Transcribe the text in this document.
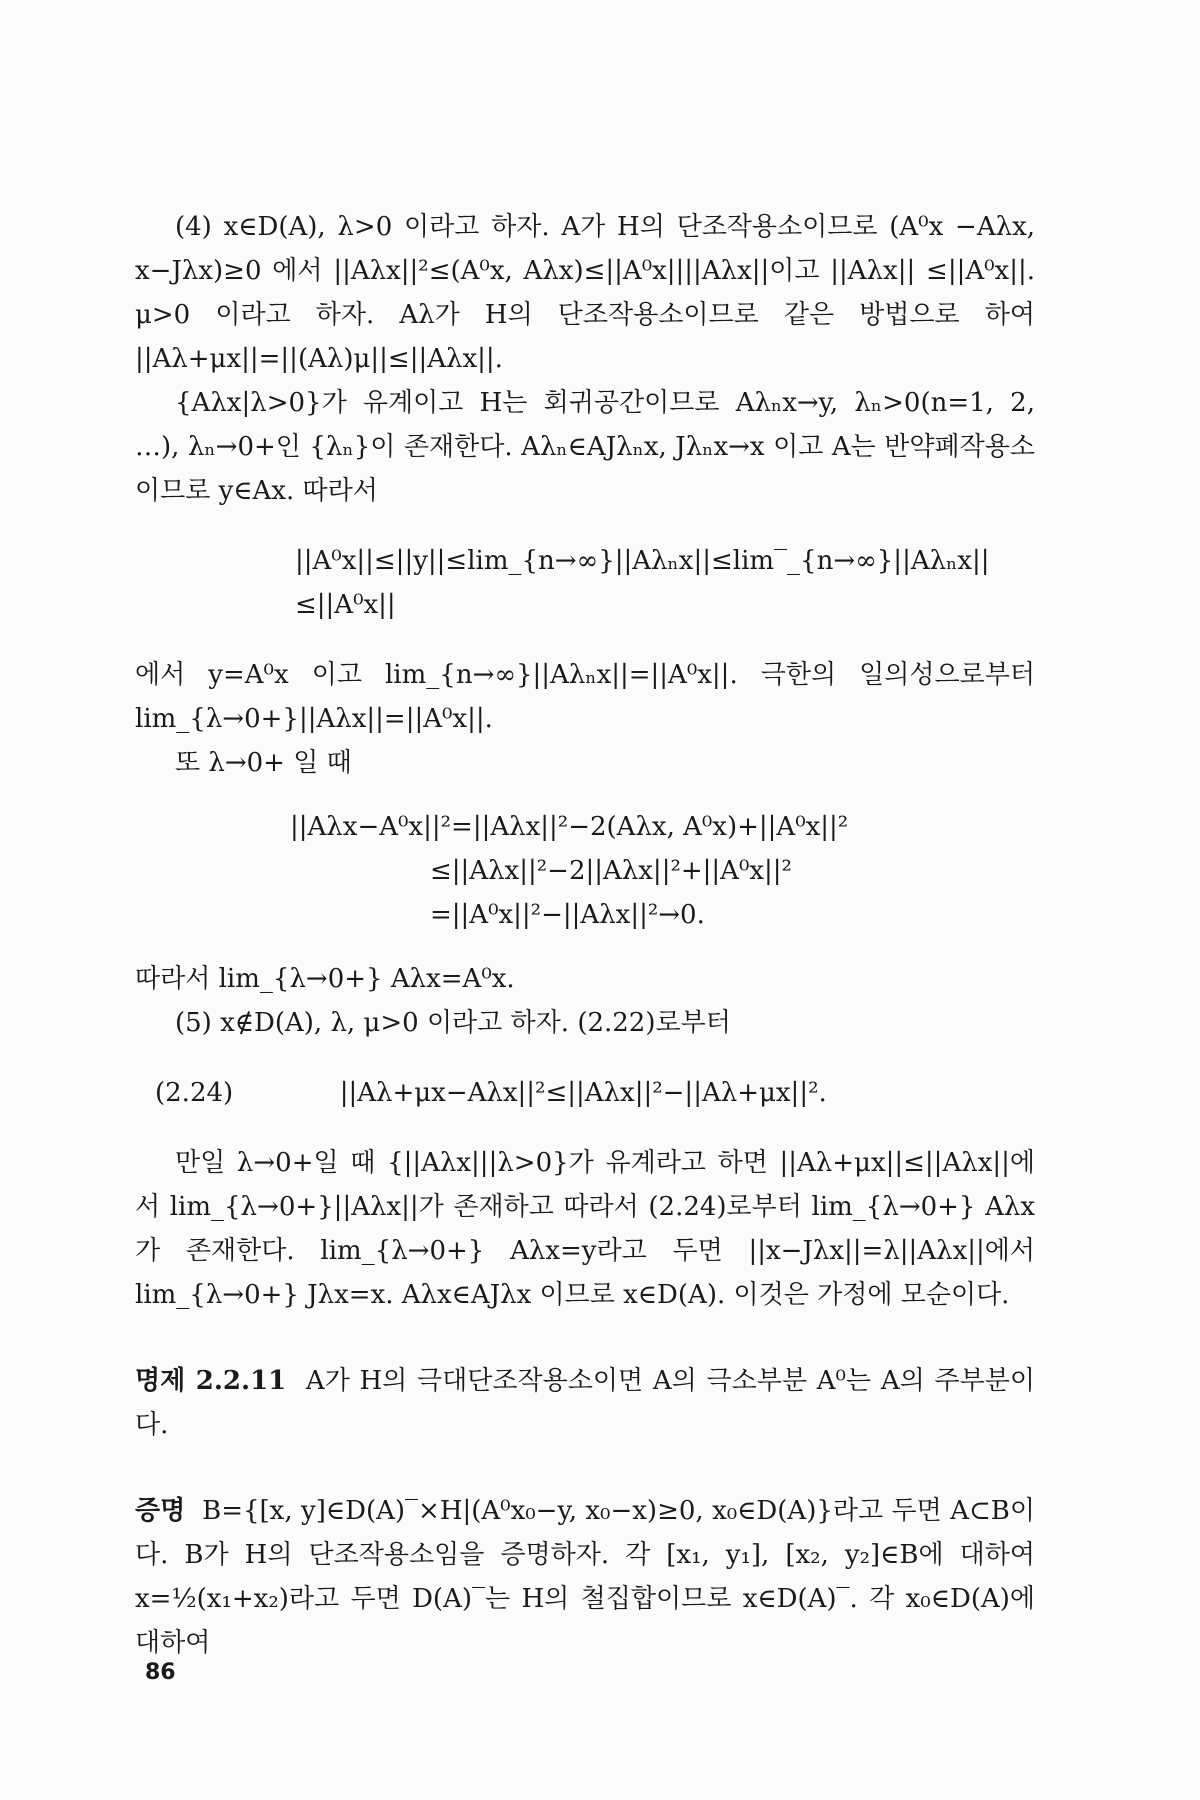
(4) x∈D(A), λ>0 이라고 하자. A가 H의 단조작용소이므로 (A⁰x −Aλx, x−Jλx)≥0 에서 ||Aλx||²≤(A⁰x, Aλx)≤||A⁰x||||Aλx||이고 ||Aλx|| ≤||A⁰x||. μ>0 이라고 하자. Aλ가 H의 단조작용소이므로 같은 방법으로 하여 ||Aλ+μx||=||(Aλ)μ||≤||Aλx||.

{Aλx|λ>0}가 유계이고 H는 회귀공간이므로 Aλₙx→y, λₙ>0(n=1, 2, …), λₙ→0+인 {λₙ}이 존재한다. Aλₙ∈AJλₙx, Jλₙx→x 이고 A는 반약폐작용소이므로 y∈Ax. 따라서

||A⁰x||≤||y||≤lim_{n→∞}||Aλₙx||≤lim‾_{n→∞}||Aλₙx||≤||A⁰x||

에서 y=A⁰x 이고 lim_{n→∞}||Aλₙx||=||A⁰x||. 극한의 일의성으로부터 lim_{λ→0+}||Aλx||=||A⁰x||.

또 λ→0+ 일 때

||Aλx−A⁰x||²=||Aλx||²−2(Aλx, A⁰x)+||A⁰x||²
≤||Aλx||²−2||Aλx||²+||A⁰x||²
=||A⁰x||²−||Aλx||²→0.

따라서 lim_{λ→0+} Aλx=A⁰x.

(5) x∉D(A), λ, μ>0 이라고 하자. (2.22)로부터

(2.24)	||Aλ+μx−Aλx||²≤||Aλx||²−||Aλ+μx||².

만일 λ→0+일 때 {||Aλx|||λ>0}가 유계라고 하면 ||Aλ+μx||≤||Aλx||에서 lim_{λ→0+}||Aλx||가 존재하고 따라서 (2.24)로부터 lim_{λ→0+} Aλx가 존재한다. lim_{λ→0+} Aλx=y라고 두면 ||x−Jλx||=λ||Aλx||에서 lim_{λ→0+} Jλx=x. Aλx∈AJλx 이므로 x∈D(A). 이것은 가정에 모순이다.

명제 2.2.11 A가 H의 극대단조작용소이면 A의 극소부분 A⁰는 A의 주부분이다.

증명 B={[x, y]∈D(A)‾×H|(A⁰x₀−y, x₀−x)≥0, x₀∈D(A)}라고 두면 A⊂B이다. B가 H의 단조작용소임을 증명하자. 각 [x₁, y₁], [x₂, y₂]∈B에 대하여 x=½(x₁+x₂)라고 두면 D(A)‾는 H의 철집합이므로 x∈D(A)‾. 각 x₀∈D(A)에 대하여

86
